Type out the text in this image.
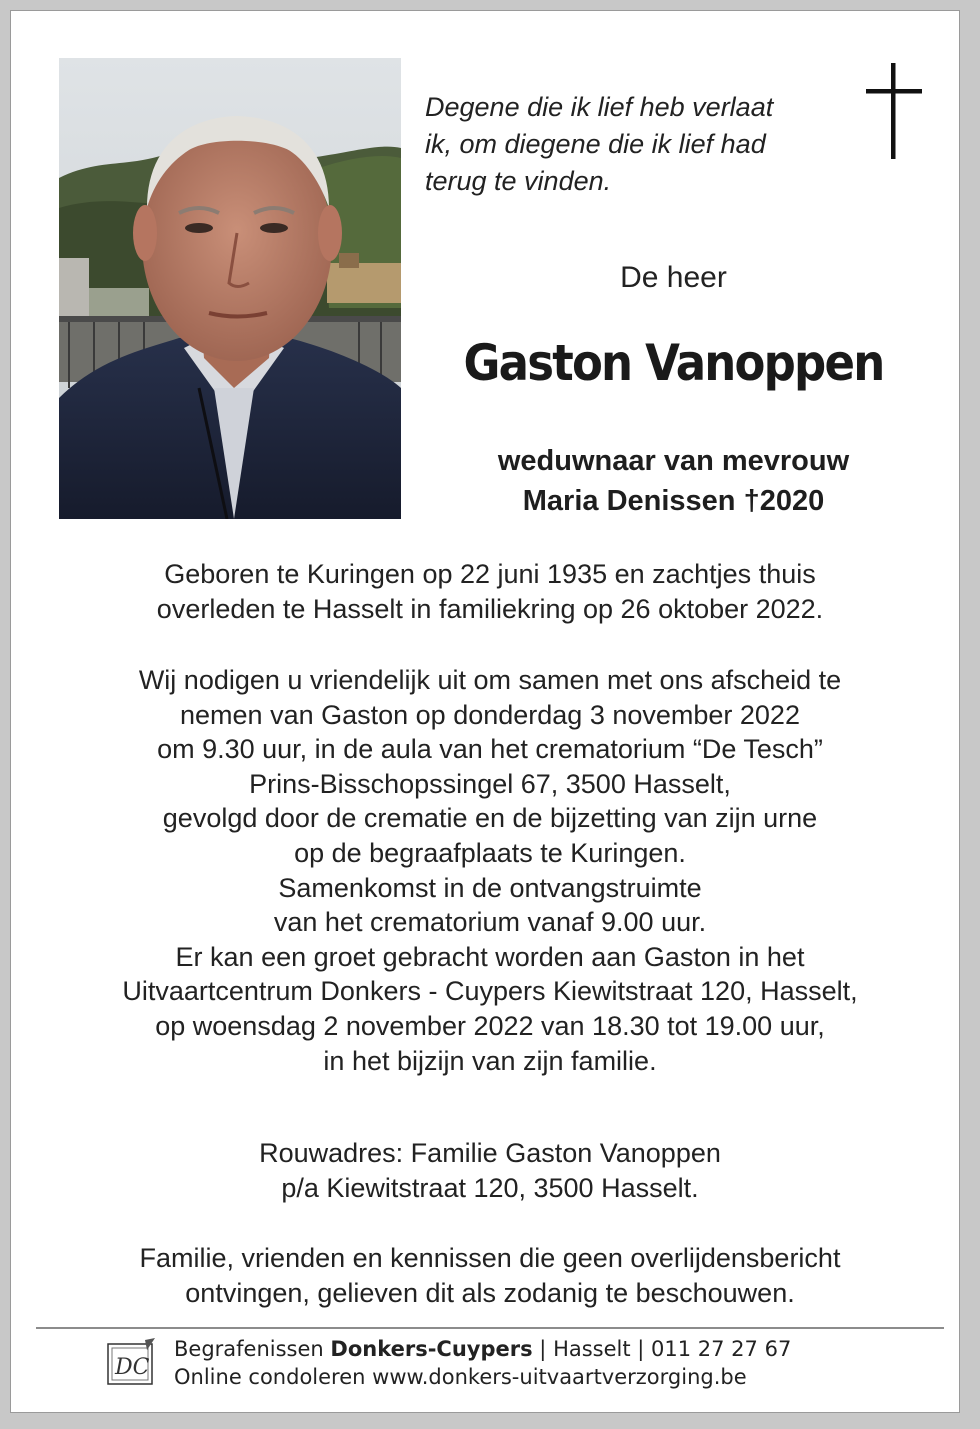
Degene die ik lief heb verlaat
ik, om diegene die ik lief had
terug te vinden.
De heer
Gaston Vanoppen
weduwnaar van mevrouw
Maria Denissen †2020
Geboren te Kuringen op 22 juni 1935 en zachtjes thuis
overleden te Hasselt in familiekring op 26 oktober 2022.
Wij nodigen u vriendelijk uit om samen met ons afscheid te
nemen van Gaston op donderdag 3 november 2022
om 9.30 uur, in de aula van het crematorium “De Tesch”
Prins-Bisschopssingel 67, 3500 Hasselt,
gevolgd door de crematie en de bijzetting van zijn urne
op de begraafplaats te Kuringen.
Samenkomst in de ontvangstruimte
van het crematorium vanaf 9.00 uur.
Er kan een groet gebracht worden aan Gaston in het
Uitvaartcentrum Donkers - Cuypers Kiewitstraat 120, Hasselt,
op woensdag 2 november 2022 van 18.30 tot 19.00 uur,
in het bijzijn van zijn familie.
Rouwadres: Familie Gaston Vanoppen
p/a Kiewitstraat 120, 3500 Hasselt.
Familie, vrienden en kennissen die geen overlijdensbericht
ontvingen, gelieven dit als zodanig te beschouwen.
DC
Begrafenissen Donkers-Cuypers | Hasselt | 011 27 27 67
Online condoleren www.donkers-uitvaartverzorging.be
